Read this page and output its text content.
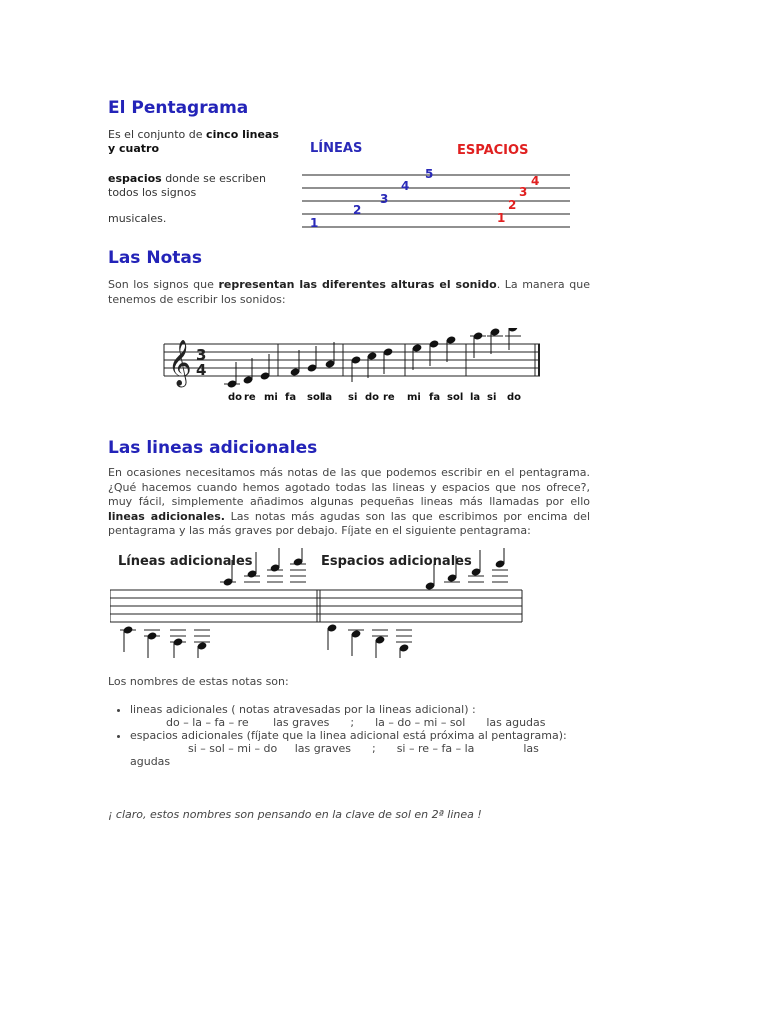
El Pentagrama
Es el conjunto de cinco lineas
y cuatro
espacios donde se escriben
todos los signos
musicales.
LÍNEAS	ESPACIOS
1
2
3
4
5
1
2
3
4
Las Notas
Son los signos que representan las diferentes alturas el sonido. La manera que tenemos de escribir los sonidos:
𝄞 3
4
do re mi fa sol
la si do re mi fa sol la si do
Las lineas adicionales
En ocasiones necesitamos más notas de las que podemos escribir en el pentagrama. ¿Qué hacemos cuando hemos agotado todas las lineas y espacios que nos ofrece?, muy fácil, simplemente añadimos algunas pequeñas lineas más llamadas por ello lineas adicionales. Las notas más agudas son las que escribimos por encima del pentagrama y las más graves por debajo. Fíjate en el siguiente pentagrama:
Líneas adicionales	Espacios adicionales
Los nombres de estas notas son:
• lineas adicionales ( notas atravesadas por la lineas adicional) :
do – la – fa – re       las graves      ;      la – do – mi – sol      las agudas
• espacios adicionales (fíjate que la linea adicional está próxima al pentagrama):
si – sol – mi – do     las graves      ;      si – re – fa – la              las
agudas
¡ claro, estos nombres son pensando en la clave de sol en 2ª linea !
